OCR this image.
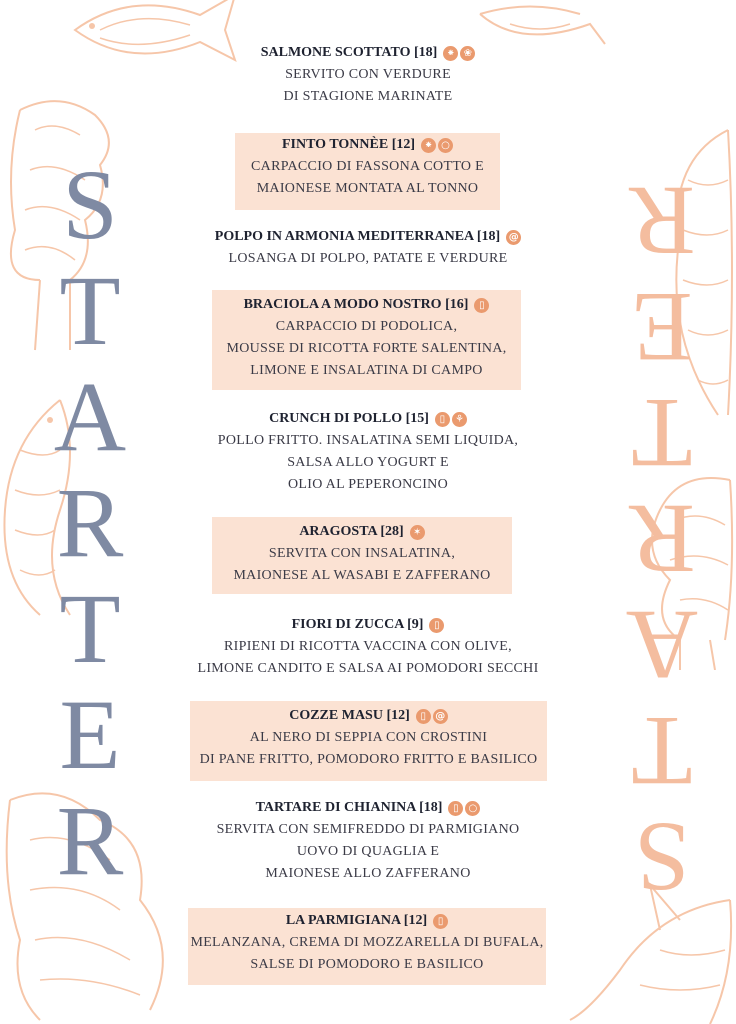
S
T
A
R
T
E
R	S
T
A
R
T
E
R
SALMONE SCOTTATO [18] ⁕ ❀
SERVITO CON VERDURE
DI STAGIONE MARINATE
FINTO TONNÈE [12] ⁕ ○
CARPACCIO DI FASSONA COTTO E
MAIONESE MONTATA AL TONNO
POLPO IN ARMONIA MEDITERRANEA [18] @
LOSANGA DI POLPO, PATATE E VERDURE
BRACIOLA A MODO NOSTRO [16]	▯
CARPACCIO DI PODOLICA,
MOUSSE DI RICOTTA FORTE SALENTINA,
LIMONE E INSALATINA DI CAMPO
CRUNCH DI POLLO [15]	▯ ⚘
POLLO FRITTO. INSALATINA SEMI LIQUIDA,
SALSA ALLO YOGURT E
OLIO AL PEPERONCINO
ARAGOSTA [28] ✶
SERVITA CON INSALATINA,
MAIONESE AL WASABI E ZAFFERANO
FIORI DI ZUCCA [9]	▯
RIPIENI DI RICOTTA VACCINA CON OLIVE,
LIMONE CANDITO E SALSA AI POMODORI SECCHI
COZZE MASU [12]	▯ @
AL NERO DI SEPPIA CON CROSTINI
DI PANE FRITTO, POMODORO FRITTO E BASILICO
TARTARE DI CHIANINA [18]	▯ ○
SERVITA CON SEMIFREDDO DI PARMIGIANO
UOVO DI QUAGLIA E
MAIONESE ALLO ZAFFERANO
LA PARMIGIANA [12]	▯
MELANZANA, CREMA DI MOZZARELLA DI BUFALA,
SALSE DI POMODORO E BASILICO
